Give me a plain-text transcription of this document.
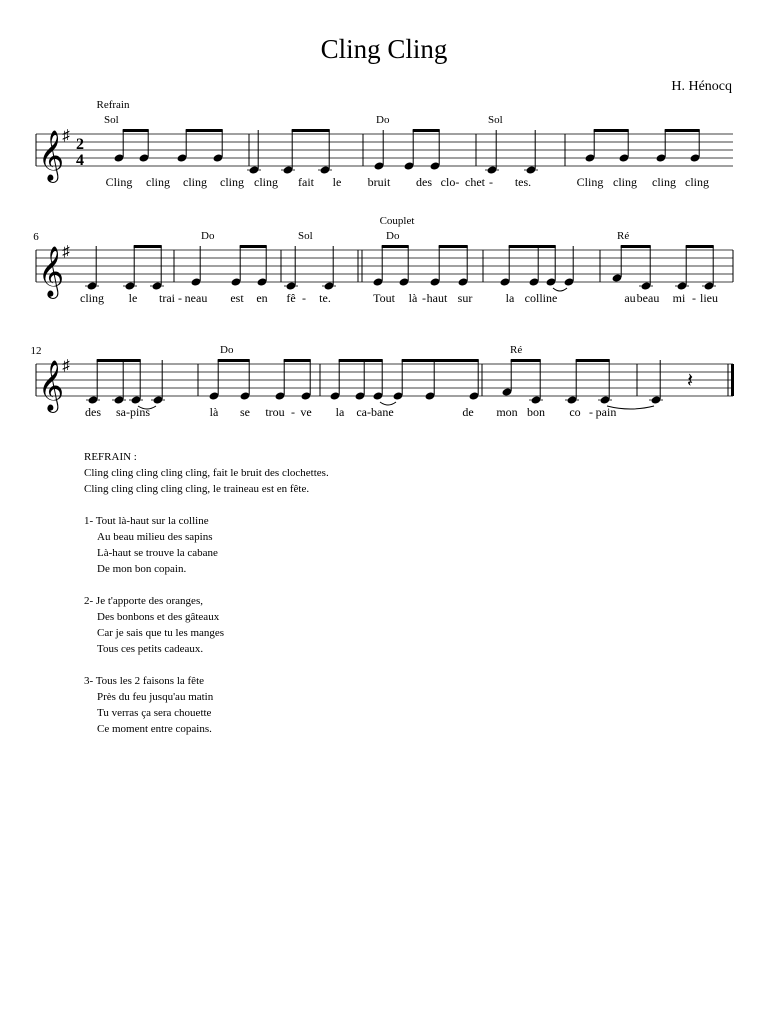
Cling Cling
H. Hénocq
𝄞
♯ 2
4
Refrain
Sol	Do	Sol
Cling cling cling cling cling fait le bruit des clo- chet - tes.	Cling cling cling cling
𝄞
♯
6
Couplet
Do	Sol	Do	Ré
cling le trai - neau est en fê - te.	Tout là - haut sur	la colline	au beau mi - lieu
𝄞
♯
12
𝄽
Do	Ré
des sa-pins	là se trou - ve la ca-bane	de mon bon co - pain
REFRAIN :
Cling cling cling cling cling, fait le bruit des clochettes.
Cling cling cling cling cling, le traineau est en fête.
1- Tout là-haut sur la colline
Au beau milieu des sapins
Là-haut se trouve la cabane
De mon bon copain.
2- Je t'apporte des oranges,
Des bonbons et des gâteaux
Car je sais que tu les manges
Tous ces petits cadeaux.
3- Tous les 2 faisons la fête
Près du feu jusqu'au matin
Tu verras ça sera chouette
Ce moment entre copains.
